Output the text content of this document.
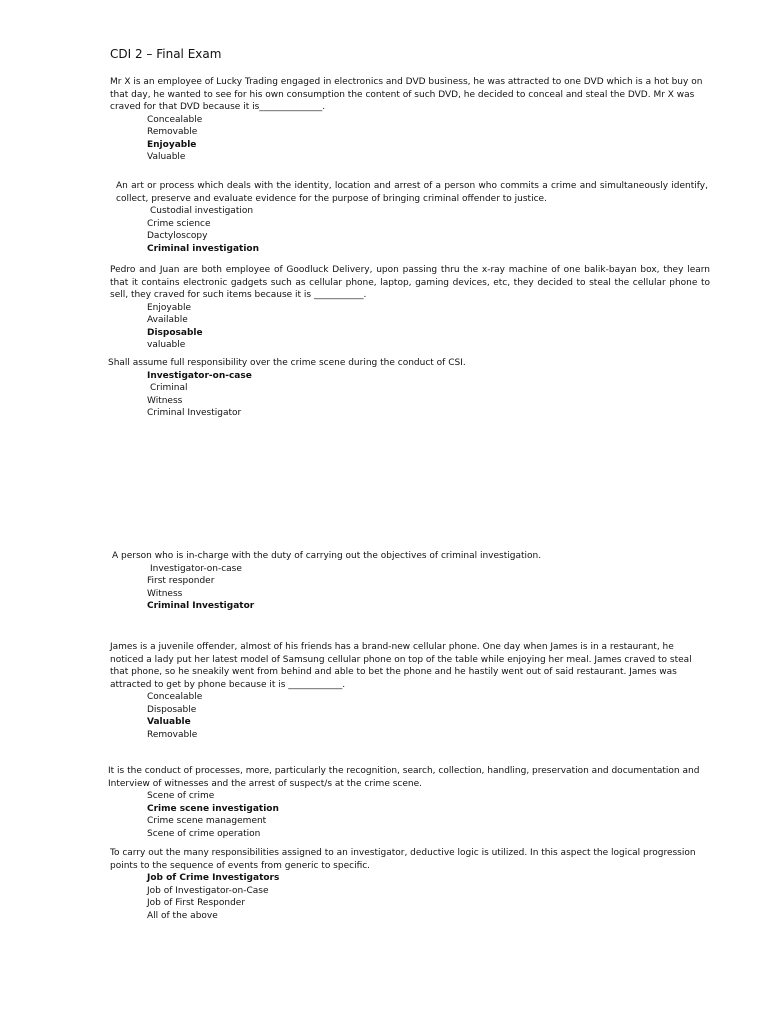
CDI 2 – Final Exam

Mr X is an employee of Lucky Trading engaged in electronics and DVD business, he was attracted to one DVD which is a hot buy on that day, he wanted to see for his own consumption the content of such DVD, he decided to conceal and steal the DVD. Mr X was craved for that DVD because it is______________.

Concealable
Removable
Enjoyable
Valuable

An art or process which deals with the identity, location and arrest of a person who commits a crime and simultaneously identify, collect, preserve and evaluate evidence for the purpose of bringing criminal offender to justice.

Custodial investigation
Crime science
Dactyloscopy
Criminal investigation

Pedro and Juan are both employee of Goodluck Delivery, upon passing thru the x-ray machine of one balik-bayan box, they learn that it contains electronic gadgets such as cellular phone, laptop, gaming devices, etc, they decided to steal the cellular phone to sell, they craved for such items because it is ___________.

Enjoyable
Available
Disposable
valuable

Shall assume full responsibility over the crime scene during the conduct of CSI.

Investigator-on-case
Criminal
Witness
Criminal Investigator

A person who is in-charge with the duty of carrying out the objectives of criminal investigation.

Investigator-on-case
First responder
Witness
Criminal Investigator

James is a juvenile offender, almost of his friends has a brand-new cellular phone. One day when James is in a restaurant, he noticed a lady put her latest model of Samsung cellular phone on top of the table while enjoying her meal. James craved to steal that phone, so he sneakily went from behind and able to bet the phone and he hastily went out of said restaurant. James was attracted to get by phone because it is ____________.

Concealable
Disposable
Valuable
Removable

It is the conduct of processes, more, particularly the recognition, search, collection, handling, preservation and documentation and Interview of witnesses and the arrest of suspect/s at the crime scene.

Scene of crime
Crime scene investigation
Crime scene management
Scene of crime operation

To carry out the many responsibilities assigned to an investigator, deductive logic is utilized. In this aspect the logical progression points to the sequence of events from generic to specific.

Job of Crime Investigators
Job of Investigator-on-Case
Job of First Responder
All of the above
